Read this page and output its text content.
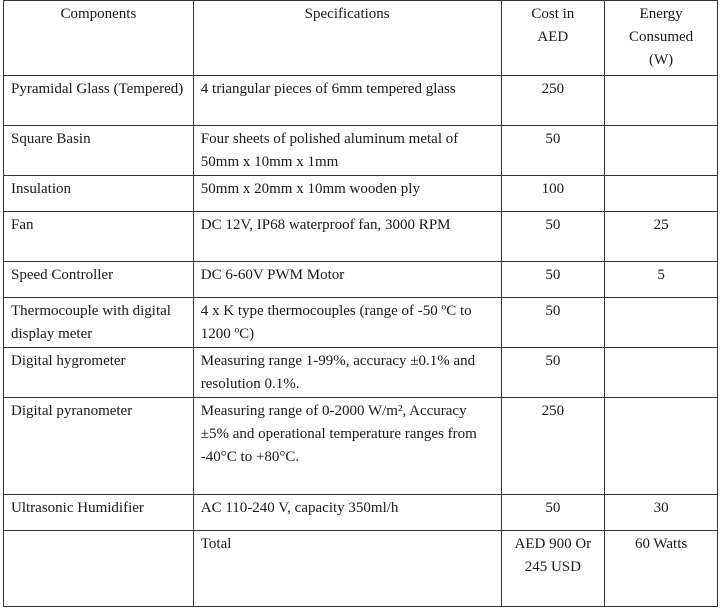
Components	Specifications	Cost in AED	Energy Consumed (W)
Pyramidal Glass (Tempered)	4 triangular pieces of 6mm tempered glass	250	
Square Basin	Four sheets of polished aluminum metal of 50mm x 10mm x 1mm	50	
Insulation	50mm x 20mm x 10mm wooden ply	100	
Fan	DC 12V, IP68 waterproof fan, 3000 RPM	50	25
Speed Controller	DC 6-60V PWM Motor	50	5
Thermocouple with digital display meter	4 x K type thermocouples (range of -50 ºC to 1200 ºC)	50	
Digital hygrometer	Measuring range 1-99%, accuracy ±0.1% and resolution 0.1%.	50	
Digital pyranometer	Measuring range of 0-2000 W/m², Accuracy ±5% and operational temperature ranges from -40°C to +80°C.	250	
Ultrasonic Humidifier	AC 110-240 V, capacity 350ml/h	50	30
	Total	AED 900 Or 245 USD	60 Watts
